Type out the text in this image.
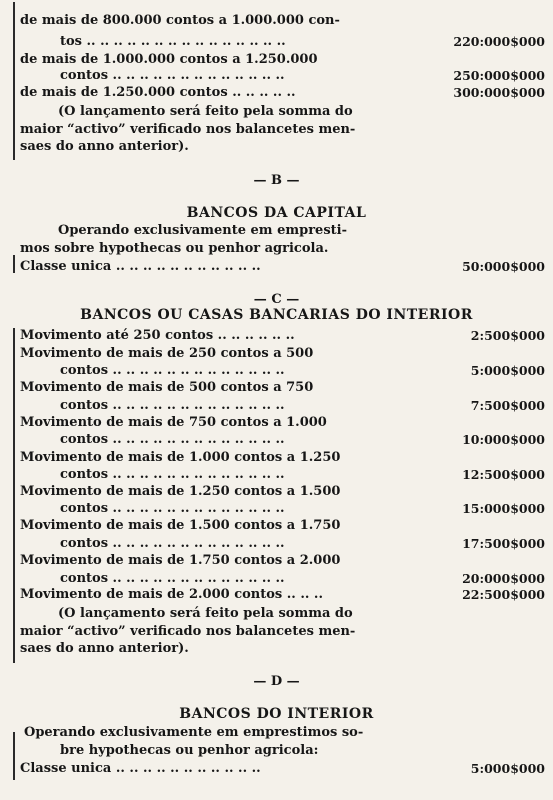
de mais de 800.000 contos a 1.000.000 con-
tos .. .. .. .. .. .. .. .. .. .. .. .. .. .. ..	220:000$000
de mais de 1.000.000 contos a 1.250.000
contos .. .. .. .. .. .. .. .. .. .. .. .. ..	250:000$000
de mais de 1.250.000 contos .. .. .. .. ..	300:000$000
(O lançamento será feito pela somma do
maior “activo” verificado nos balancetes men-
saes do anno anterior).
— B —
BANCOS DA CAPITAL
Operando exclusivamente em empresti-
mos sobre hypothecas ou penhor agricola.
Classe unica .. .. .. .. .. .. .. .. .. .. ..	50:000$000
— C —
BANCOS OU CASAS BANCARIAS DO INTERIOR
Movimento até 250 contos .. .. .. .. .. ..	2:500$000
Movimento de mais de 250 contos a 500
contos .. .. .. .. .. .. .. .. .. .. .. .. ..	5:000$000
Movimento de mais de 500 contos a 750
contos .. .. .. .. .. .. .. .. .. .. .. .. ..	7:500$000
Movimento de mais de 750 contos a 1.000
contos .. .. .. .. .. .. .. .. .. .. .. .. ..	10:000$000
Movimento de mais de 1.000 contos a 1.250
contos .. .. .. .. .. .. .. .. .. .. .. .. ..	12:500$000
Movimento de mais de 1.250 contos a 1.500
contos .. .. .. .. .. .. .. .. .. .. .. .. ..	15:000$000
Movimento de mais de 1.500 contos a 1.750
contos .. .. .. .. .. .. .. .. .. .. .. .. ..	17:500$000
Movimento de mais de 1.750 contos a 2.000
contos .. .. .. .. .. .. .. .. .. .. .. .. ..	20:000$000
Movimento de mais de 2.000 contos .. .. ..	22:500$000
(O lançamento será feito pela somma do
maior “activo” verificado nos balancetes men-
saes do anno anterior).
— D —
BANCOS DO INTERIOR
Operando exclusivamente em emprestimos so-
bre hypothecas ou penhor agricola:
Classe unica .. .. .. .. .. .. .. .. .. .. ..	5:000$000
